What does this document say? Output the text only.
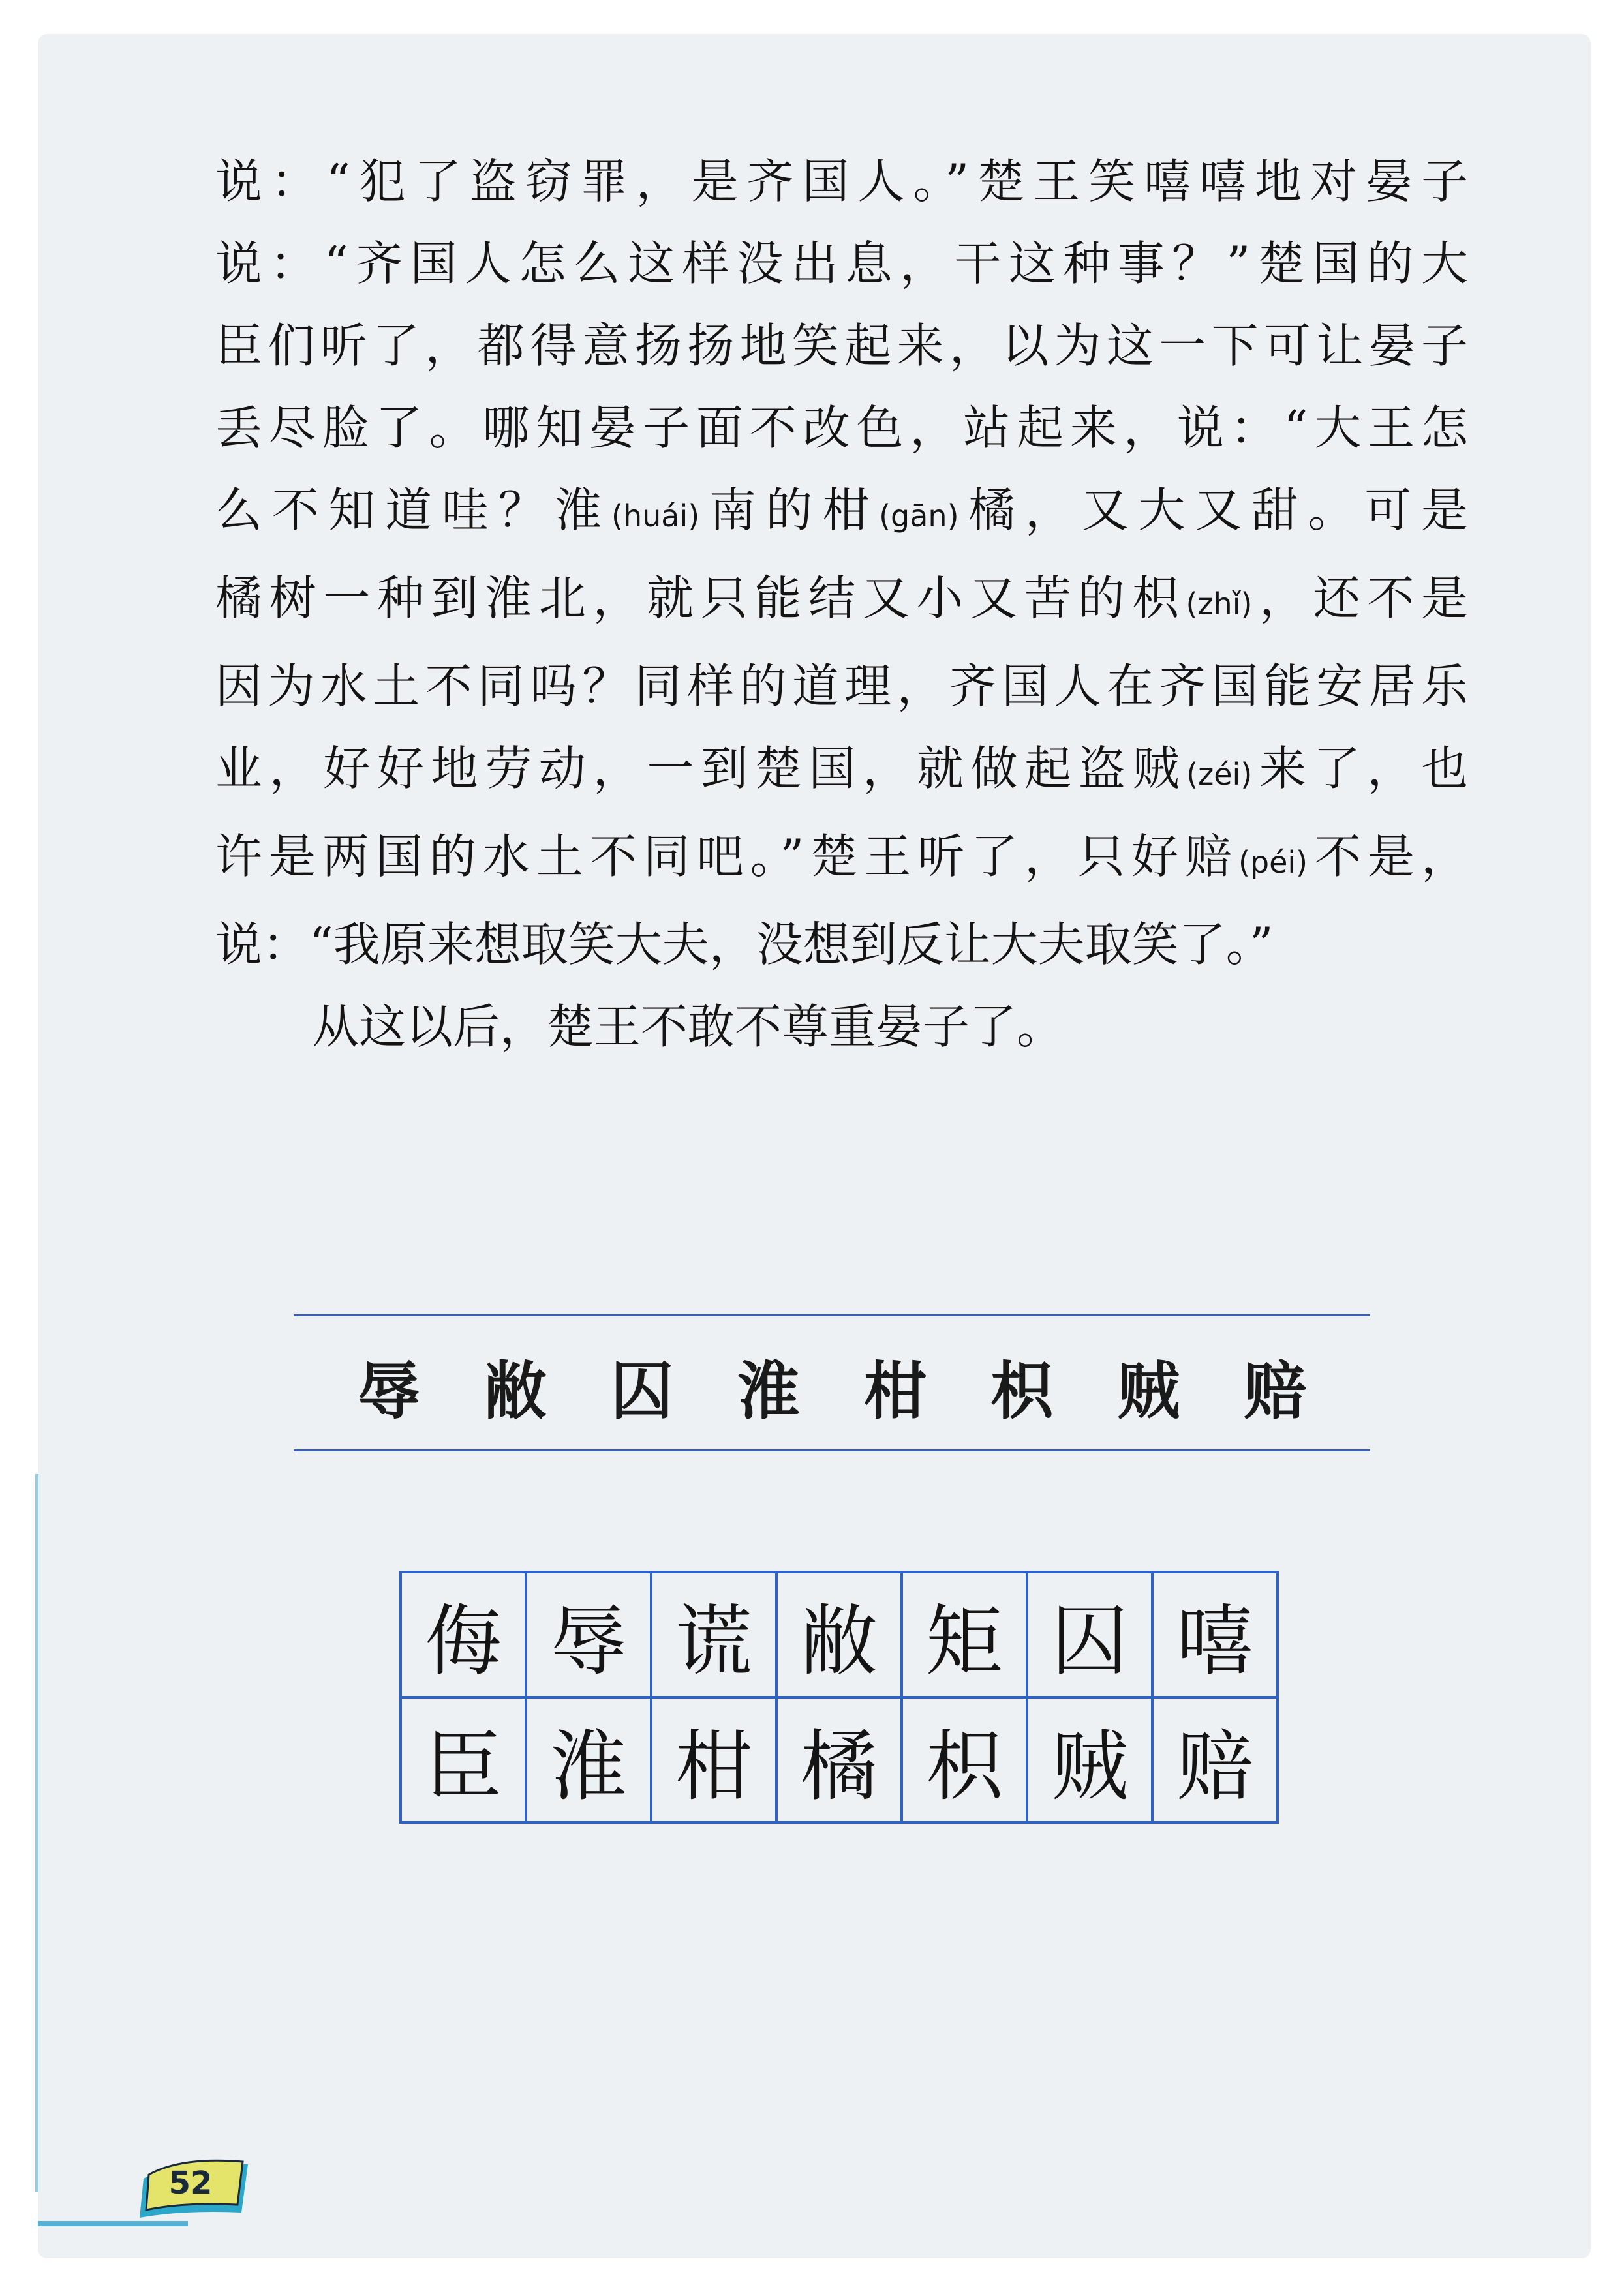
说：“犯了盗窃罪，是齐国人。”楚王笑嘻嘻地对晏子

说：“齐国人怎么这样没出息，干这种事？”楚国的大

臣们听了，都得意扬扬地笑起来，以为这一下可让晏子

丢尽脸了。哪知晏子面不改色，站起来，说：“大王怎

么不知道哇？淮(huái)南的柑(gān)橘，又大又甜。可是

橘树一种到淮北，就只能结又小又苦的枳(zhǐ)，还不是

因为水土不同吗？同样的道理，齐国人在齐国能安居乐

业，好好地劳动，一到楚国，就做起盗贼(zéi)来了，也

许是两国的水土不同吧。”楚王听了，只好赔(péi)不是，

说：“我原来想取笑大夫，没想到反让大夫取笑了。”

从这以后，楚王不敢不尊重晏子了。

辱 敝 囚 淮 柑 枳 贼 赔
侮	辱	谎	敝	矩	囚	嘻
臣	淮	柑	橘	枳	贼	赔
52
